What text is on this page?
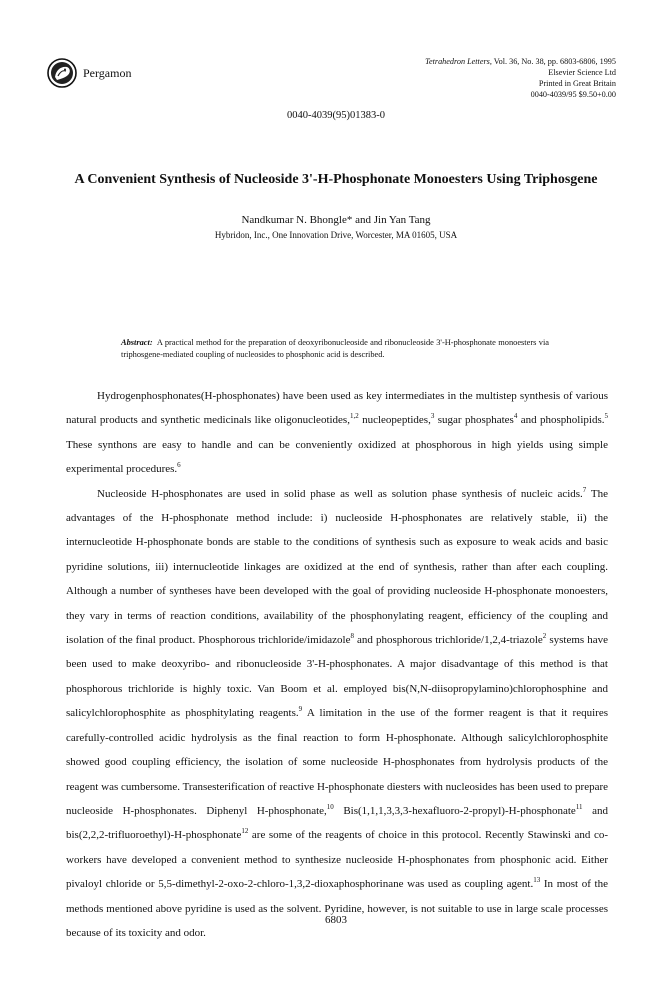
Pergamon
Tetrahedron Letters, Vol. 36, No. 38, pp. 6803-6806, 1995
Elsevier Science Ltd
Printed in Great Britain
0040-4039/95 $9.50+0.00
0040-4039(95)01383-0
A Convenient Synthesis of Nucleoside 3'-H-Phosphonate Monoesters Using Triphosgene
Nandkumar N. Bhongle* and Jin Yan Tang
Hybridon, Inc., One Innovation Drive, Worcester, MA 01605, USA
Abstract: A practical method for the preparation of deoxyribonucleoside and ribonucleoside 3'-H-phosphonate monoesters via triphosgene-mediated coupling of nucleosides to phosphonic acid is described.

Hydrogenphosphonates(H-phosphonates) have been used as key intermediates in the multistep synthesis of various natural products and synthetic medicinals like oligonucleotides,$^{1,2}$ nucleopeptides,$^3$ sugar phosphates$^4$ and phospholipids.$^5$ These synthons are easy to handle and can be conveniently oxidized at phosphorous in high yields using simple experimental procedures.$^6$

Nucleoside H-phosphonates are used in solid phase as well as solution phase synthesis of nucleic acids.$^7$ The advantages of the H-phosphonate method include: i) nucleoside H-phosphonates are relatively stable, ii) the internucleotide H-phosphonate bonds are stable to the conditions of synthesis such as exposure to weak acids and basic pyridine solutions, iii) internucleotide linkages are oxidized at the end of synthesis, rather than after each coupling. Although a number of syntheses have been developed with the goal of providing nucleoside H-phosphonate monoesters, they vary in terms of reaction conditions, availability of the phosphonylating reagent, efficiency of the coupling and isolation of the final product. Phosphorous trichloride/imidazole$^8$ and phosphorous trichloride/1,2,4-triazole$^2$ systems have been used to make deoxyribo- and ribonucleoside 3'-H-phosphonates. A major disadvantage of this method is that phosphorous trichloride is highly toxic. Van Boom et al. employed bis(N,N-diisopropylamino)chlorophosphine and salicylchlorophosphite as phosphitylating reagents.$^9$ A limitation in the use of the former reagent is that it requires carefully-controlled acidic hydrolysis as the final reaction to form H-phosphonate. Although salicylchlorophosphite showed good coupling efficiency, the isolation of some nucleoside H-phosphonates from hydrolysis products of the reagent was cumbersome. Transesterification of reactive H-phosphonate diesters with nucleosides has been used to prepare nucleoside H-phosphonates. Diphenyl H-phosphonate,$^{10}$ Bis(1,1,1,3,3,3-hexafluoro-2-propyl)-H-phosphonate$^{11}$ and bis(2,2,2-trifluoroethyl)-H-phosphonate$^{12}$ are some of the reagents of choice in this protocol. Recently Stawinski and co-workers have developed a convenient method to synthesize nucleoside H-phosphonates from phosphonic acid. Either pivaloyl chloride or 5,5-dimethyl-2-oxo-2-chloro-1,3,2-dioxaphosphorinane was used as coupling agent.$^{13}$ In most of the methods mentioned above pyridine is used as the solvent. Pyridine, however, is not suitable to use in large scale processes because of its toxicity and odor.

6803
